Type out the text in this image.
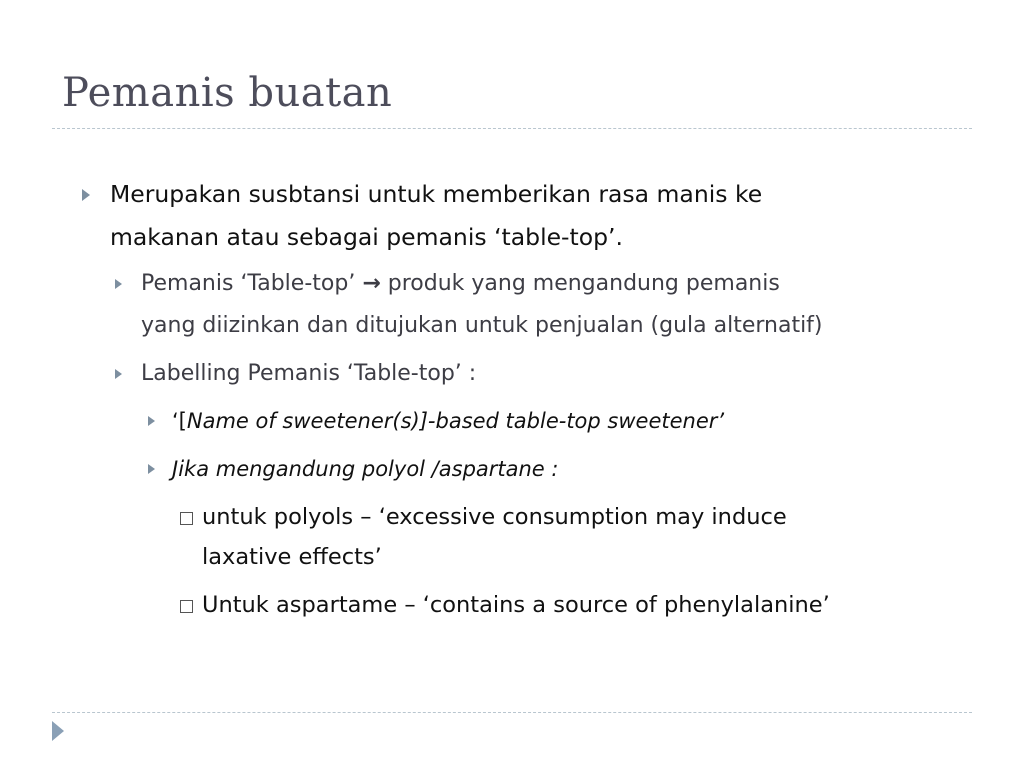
Pemanis buatan
Merupakan susbtansi untuk memberikan rasa manis ke
makanan atau sebagai pemanis ‘table-top’.
Pemanis ‘Table-top’ → produk yang mengandung pemanis
yang diizinkan dan ditujukan untuk penjualan (gula alternatif)
Labelling Pemanis ‘Table-top’ :
‘[Name of sweetener(s)]-based table-top sweetener’
Jika mengandung polyol /aspartane :
untuk polyols – ‘excessive consumption may induce
laxative effects’
Untuk aspartame – ‘contains a source of phenylalanine’
